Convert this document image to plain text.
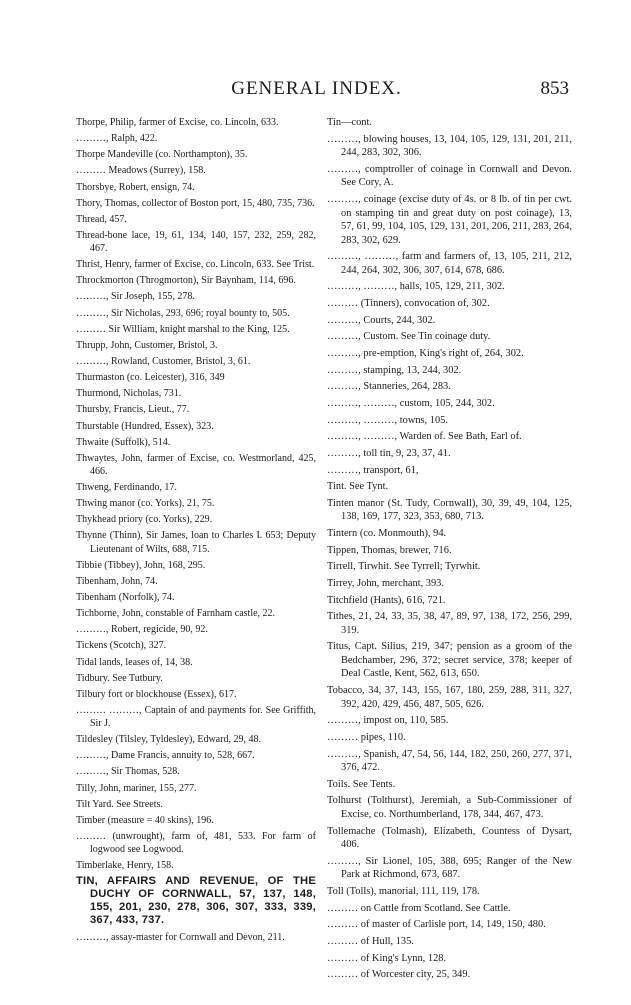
GENERAL INDEX.	853

Thorpe, Philip, farmer of Excise, co. Lincoln, 633.

………, Ralph, 422.

Thorpe Mandeville (co. Northampton), 35.

……… Meadows (Surrey), 158.

Thorsbye, Robert, ensign, 74.

Thory, Thomas, collector of Boston port, 15, 480, 735, 736.

Thread, 457.

Thread-bone lace, 19, 61, 134, 140, 157, 232, 259, 282, 467.

Thrist, Henry, farmer of Excise, co. Lincoln, 633. See Trist.

Throckmorton (Throgmorton), Sir Baynham, 114, 696.

………, Sir Joseph, 155, 278.

………, Sir Nicholas, 293, 696; royal bounty to, 505.

……… Sir William, knight marshal to the King, 125.

Thrupp, John, Customer, Bristol, 3.

………, Rowland, Customer, Bristol, 3, 61.

Thurmaston (co. Leicester), 316, 349

Thurmond, Nicholas, 731.

Thursby, Francis, Lieut., 77.

Thurstable (Hundred, Essex), 323.

Thwaite (Suffolk), 514.

Thwaytes, John, farmer of Excise, co. Westmorland, 425, 466.

Thweng, Ferdinando, 17.

Thwing manor (co. Yorks), 21, 75.

Thykhead priory (co. Yorks), 229.

Thynne (Thinn), Sir James, loan to Charles I. 653; Deputy Lieutenant of Wilts, 688, 715.

Tibbie (Tibbey), John, 168, 295.

Tibenham, John, 74.

Tibenham (Norfolk), 74.

Tichborne, John, constable of Farnham castle, 22.

………, Robert, regicide, 90, 92.

Tickens (Scotch), 327.

Tidal lands, leases of, 14, 38.

Tidbury. See Tutbury.

Tilbury fort or blockhouse (Essex), 617.

……… ………, Captain of and payments for. See Griffith, Sir J.

Tildesley (Tilsley, Tyldesley), Edward, 29, 48.

………, Dame Francis, annuity to, 528, 667.

………, Sir Thomas, 528.

Tilly, John, mariner, 155, 277.

Tilt Yard. See Streets.

Timber (measure = 40 skins), 196.

……… (unwrought), farm of, 481, 533. For farm of logwood see Logwood.

Timberlake, Henry, 158.

TIN, AFFAIRS AND REVENUE, OF THE DUCHY OF CORNWALL, 57, 137, 148, 155, 201, 230, 278, 306, 307, 333, 339, 367, 433, 737.

………, assay-master for Cornwall and Devon, 211.

Tin—cont.

………, blowing houses, 13, 104, 105, 129, 131, 201, 211, 244, 283, 302, 306.

………, comptroller of coinage in Cornwall and Devon. See Cory, A.

………, coinage (excise duty of 4s. or 8 lb. of tin per cwt. on stamping tin and great duty on post coinage), 13, 57, 61, 99, 104, 105, 129, 131, 201, 206, 211, 283, 264, 283, 302, 629.

………, ………, farm and farmers of, 13, 105, 211, 212, 244, 264, 302, 306, 307, 614, 678, 686.

………, ………, halls, 105, 129, 211, 302.

……… (Tinners), convocation of, 302.

………, Courts, 244, 302.

………, Custom. See Tin coinage duty.

………, pre-emption, King's right of, 264, 302.

………, stamping, 13, 244, 302.

………, Stanneries, 264, 283.

………, ………, custom, 105, 244, 302.

………, ………, towns, 105.

………, ………, Warden of. See Bath, Earl of.

………, toll tin, 9, 23, 37, 41.

………, transport, 61,

Tint. See Tynt.

Tinten manor (St. Tudy, Cornwall), 30, 39, 49, 104, 125, 138, 169, 177, 323, 353, 680, 713.

Tintern (co. Monmouth), 94.

Tippen, Thomas, brewer, 716.

Tirrell, Tirwhit. See Tyrrell; Tyrwhit.

Tirrey, John, merchant, 393.

Titchfield (Hants), 616, 721.

Tithes, 21, 24, 33, 35, 38, 47, 89, 97, 138, 172, 256, 299, 319.

Titus, Capt. Silius, 219, 347; pension as a groom of the Bedchamber, 296, 372; secret service, 378; keeper of Deal Castle, Kent, 562, 613, 650.

Tobacco, 34, 37, 143, 155, 167, 180, 259, 288, 311, 327, 392, 420, 429, 456, 487, 505, 626.

………, impost on, 110, 585.

……… pipes, 110.

………, Spanish, 47, 54, 56, 144, 182, 250, 260, 277, 371, 376, 472.

Toils. See Tents.

Tolhurst (Tolthurst), Jeremiah, a Sub-Commissioner of Excise, co. Northumberland, 178, 344, 467, 473.

Tollemache (Tolmash), Elizabeth, Countess of Dysart, 406.

………, Sir Lionel, 105, 388, 695; Ranger of the New Park at Richmond, 673, 687.

Toll (Tolls), manorial, 111, 119, 178.

……… on Cattle from Scotland. See Cattle.

……… of master of Carlisle port, 14, 149, 150, 480.

……… of Hull, 135.

……… of King's Lynn, 128.

……… of Worcester city, 25, 349.
